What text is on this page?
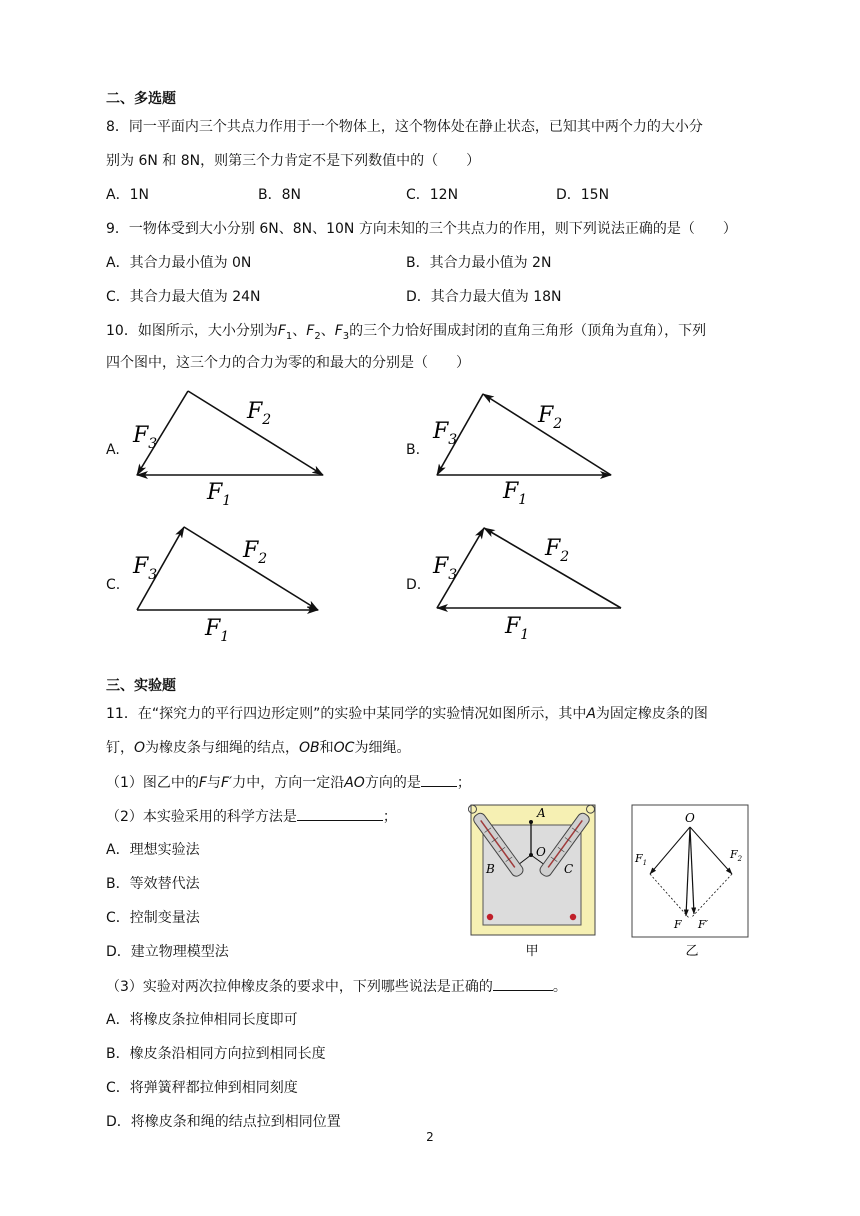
二、多选题
8．同一平面内三个共点力作用于一个物体上，这个物体处在静止状态，已知其中两个力的大小分
别为 6N 和 8N，则第三个力肯定不是下列数值中的（　　）
A．1N	B．8N	C．12N	D．15N
9．一物体受到大小分别 6N、8N、10N 方向未知的三个共点力的作用，则下列说法正确的是（　　）
A．其合力最小值为 0N	B．其合力最小值为 2N
C．其合力最大值为 24N	D．其合力最大值为 18N
10．如图所示，大小分别为$F_1$、$F_2$、$F_3$的三个力恰好围成封闭的直角三角形（顶角为直角），下列
四个图中，这三个力的合力为零的和最大的分别是（　　）
A.	B.
C.	D.
$F_3$
$F_2$
$F_1$
$F_3$
$F_2$
$F_1$
$F_3$
$F_2$
$F_1$
$F_3$
$F_2$
$F_1$
三、实验题
11．在“探究力的平行四边形定则”的实验中某同学的实验情况如图所示，其中A为固定橡皮条的图
钉，O为橡皮条与细绳的结点，OB和OC为细绳。
（1）图乙中的F与F′力中，方向一定沿AO方向的是	；
（2）本实验采用的科学方法是	；
A．理想实验法
B．等效替代法
C．控制变量法
D．建立物理模型法
（3）实验对两次拉伸橡皮条的要求中，下列哪些说法是正确的	。
A．将橡皮条拉伸相同长度即可
B．橡皮条沿相同方向拉到相同长度
C．将弹簧秤都拉伸到相同刻度
D．将橡皮条和绳的结点拉到相同位置
A
O
B	C
甲
O
$F_1$
$F_2$
F F′
乙
2
